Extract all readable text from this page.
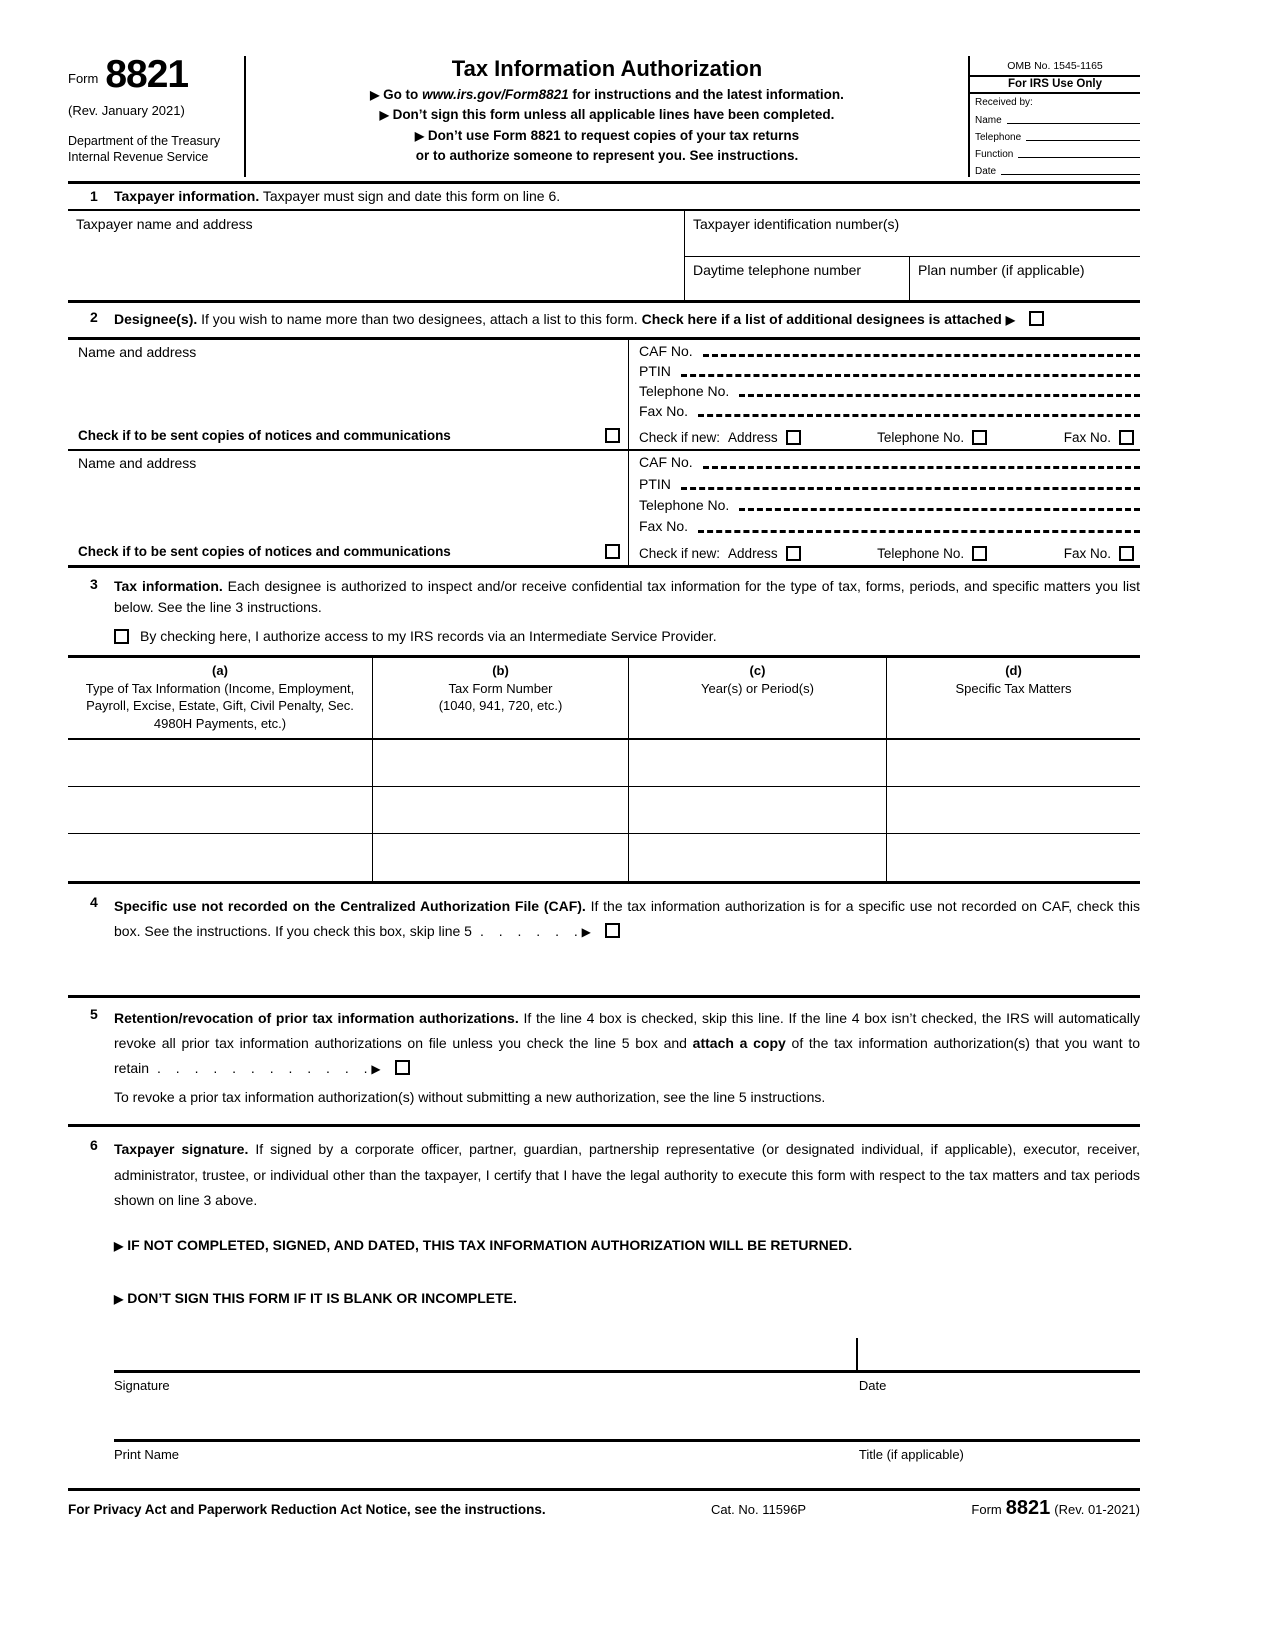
Form 8821
(Rev. January 2021)
Department of the Treasury
Internal Revenue Service
Tax Information Authorization
▶ Go to www.irs.gov/Form8821 for instructions and the latest information.
▶ Don’t sign this form unless all applicable lines have been completed.
▶ Don’t use Form 8821 to request copies of your tax returns
or to authorize someone to represent you. See instructions.
OMB No. 1545-1165
For IRS Use Only
Received by:
Name
Telephone
Function
Date
1 Taxpayer information. Taxpayer must sign and date this form on line 6.
Taxpayer name and address	Taxpayer identification number(s)
Daytime telephone number	Plan number (if applicable)
2	Designee(s). If you wish to name more than two designees, attach a list to this form. Check here if a list of additional designees is attached ▶
Name and address
Check if to be sent copies of notices and communications
CAF No.
PTIN
Telephone No.
Fax No.
Check if new: Address	Telephone No.	Fax No.
Name and address
Check if to be sent copies of notices and communications
CAF No.
PTIN
Telephone No.
Fax No.
Check if new: Address	Telephone No.	Fax No.
3	Tax information. Each designee is authorized to inspect and/or receive confidential tax information for the type of tax, forms, periods, and specific matters you list below. See the line 3 instructions.
By checking here, I authorize access to my IRS records via an Intermediate Service Provider.
(a)
Type of Tax Information (Income, Employment, Payroll, Excise, Estate, Gift, Civil Penalty, Sec. 4980H Payments, etc.)
(b)
Tax Form Number
(1040, 941, 720, etc.)
(c)
Year(s) or Period(s)
(d)
Specific Tax Matters
4	Specific use not recorded on the Centralized Authorization File (CAF). If the tax information authorization is for a specific use not recorded on CAF, check this box. See the instructions. If you check this box, skip line 5 . . . . . . ▶
5	Retention/revocation of prior tax information authorizations. If the line 4 box is checked, skip this line. If the line 4 box isn’t checked, the IRS will automatically revoke all prior tax information authorizations on file unless you check the line 5 box and attach a copy of the tax information authorization(s) that you want to retain . . . . . . . . . . . . ▶
To revoke a prior tax information authorization(s) without submitting a new authorization, see the line 5 instructions.
6	Taxpayer signature. If signed by a corporate officer, partner, guardian, partnership representative (or designated individual, if applicable), executor, receiver, administrator, trustee, or individual other than the taxpayer, I certify that I have the legal authority to execute this form with respect to the tax matters and tax periods shown on line 3 above.
▶ IF NOT COMPLETED, SIGNED, AND DATED, THIS TAX INFORMATION AUTHORIZATION WILL BE RETURNED.
▶ DON’T SIGN THIS FORM IF IT IS BLANK OR INCOMPLETE.
Signature	Date
Print Name	Title (if applicable)
For Privacy Act and Paperwork Reduction Act Notice, see the instructions.	Cat. No. 11596P	Form 8821 (Rev. 01-2021)
